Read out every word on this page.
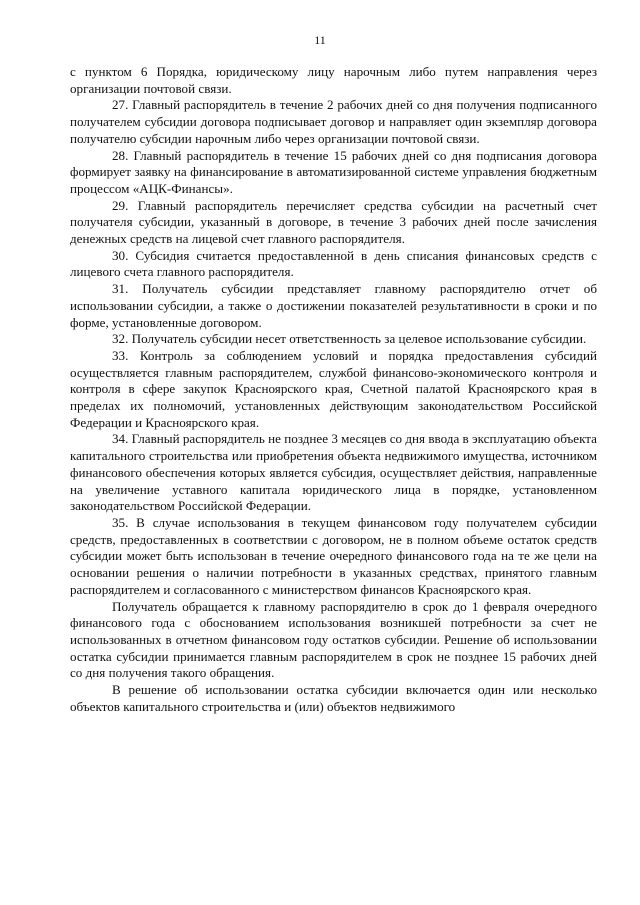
11

с пунктом 6 Порядка, юридическому лицу нарочным либо путем направления через организации почтовой связи.

27. Главный распорядитель в течение 2 рабочих дней со дня получения подписанного получателем субсидии договора подписывает договор и направляет один экземпляр договора получателю субсидии нарочным либо через организации почтовой связи.

28. Главный распорядитель в течение 15 рабочих дней со дня подписания договора формирует заявку на финансирование в автоматизированной системе управления бюджетным процессом «АЦК-Финансы».

29. Главный распорядитель перечисляет средства субсидии на расчетный счет получателя субсидии, указанный в договоре, в течение 3 рабочих дней после зачисления денежных средств на лицевой счет главного распорядителя.

30. Субсидия считается предоставленной в день списания финансовых средств с лицевого счета главного распорядителя.

31. Получатель субсидии представляет главному распорядителю отчет об использовании субсидии, а также о достижении показателей результативности в сроки и по форме, установленные договором.

32. Получатель субсидии несет ответственность за целевое использование субсидии.

33. Контроль за соблюдением условий и порядка предоставления субсидий осуществляется главным распорядителем, службой финансово-экономического контроля и контроля в сфере закупок Красноярского края, Счетной палатой Красноярского края в пределах их полномочий, установленных действующим законодательством Российской Федерации и Красноярского края.

34. Главный распорядитель не позднее 3 месяцев со дня ввода в эксплуатацию объекта капитального строительства или приобретения объекта недвижимого имущества, источником финансового обеспечения которых является субсидия, осуществляет действия, направленные на увеличение уставного капитала юридического лица в порядке, установленном законодательством Российской Федерации.

35. В случае использования в текущем финансовом году получателем субсидии средств, предоставленных в соответствии с договором, не в полном объеме остаток средств субсидии может быть использован в течение очередного финансового года на те же цели на основании решения о наличии потребности в указанных средствах, принятого главным распорядителем и согласованного с министерством финансов Красноярского края.

Получатель обращается к главному распорядителю в срок до 1 февраля очередного финансового года с обоснованием использования возникшей потребности за счет не использованных в отчетном финансовом году остатков субсидии. Решение об использовании остатка субсидии принимается главным распорядителем в срок не позднее 15 рабочих дней со дня получения такого обращения.

В решение об использовании остатка субсидии включается один или несколько объектов капитального строительства и (или) объектов недвижимого
